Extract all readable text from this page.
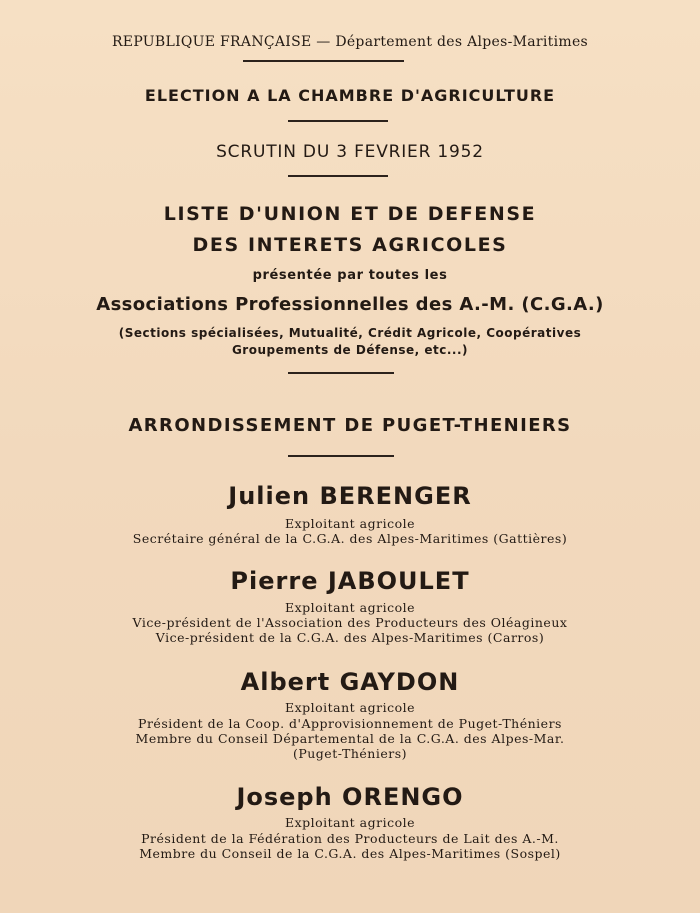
REPUBLIQUE FRANÇAISE — Département des Alpes-Maritimes
ELECTION A LA CHAMBRE D'AGRICULTURE
SCRUTIN DU 3 FEVRIER 1952
LISTE D'UNION ET DE DEFENSE
DES INTERETS AGRICOLES
présentée par toutes les
Associations Professionnelles des A.-M. (C.G.A.)
(Sections spécialisées, Mutualité, Crédit Agricole, Coopératives
Groupements de Défense, etc...)
ARRONDISSEMENT DE PUGET-THENIERS
Julien BERENGER
Exploitant agricole
Secrétaire général de la C.G.A. des Alpes-Maritimes (Gattières)
Pierre JABOULET
Exploitant agricole
Vice-président de l'Association des Producteurs des Oléagineux
Vice-président de la C.G.A. des Alpes-Maritimes (Carros)
Albert GAYDON
Exploitant agricole
Président de la Coop. d'Approvisionnement de Puget-Théniers
Membre du Conseil Départemental de la C.G.A. des Alpes-Mar.
(Puget-Théniers)
Joseph ORENGO
Exploitant agricole
Président de la Fédération des Producteurs de Lait des A.-M.
Membre du Conseil de la C.G.A. des Alpes-Maritimes (Sospel)
